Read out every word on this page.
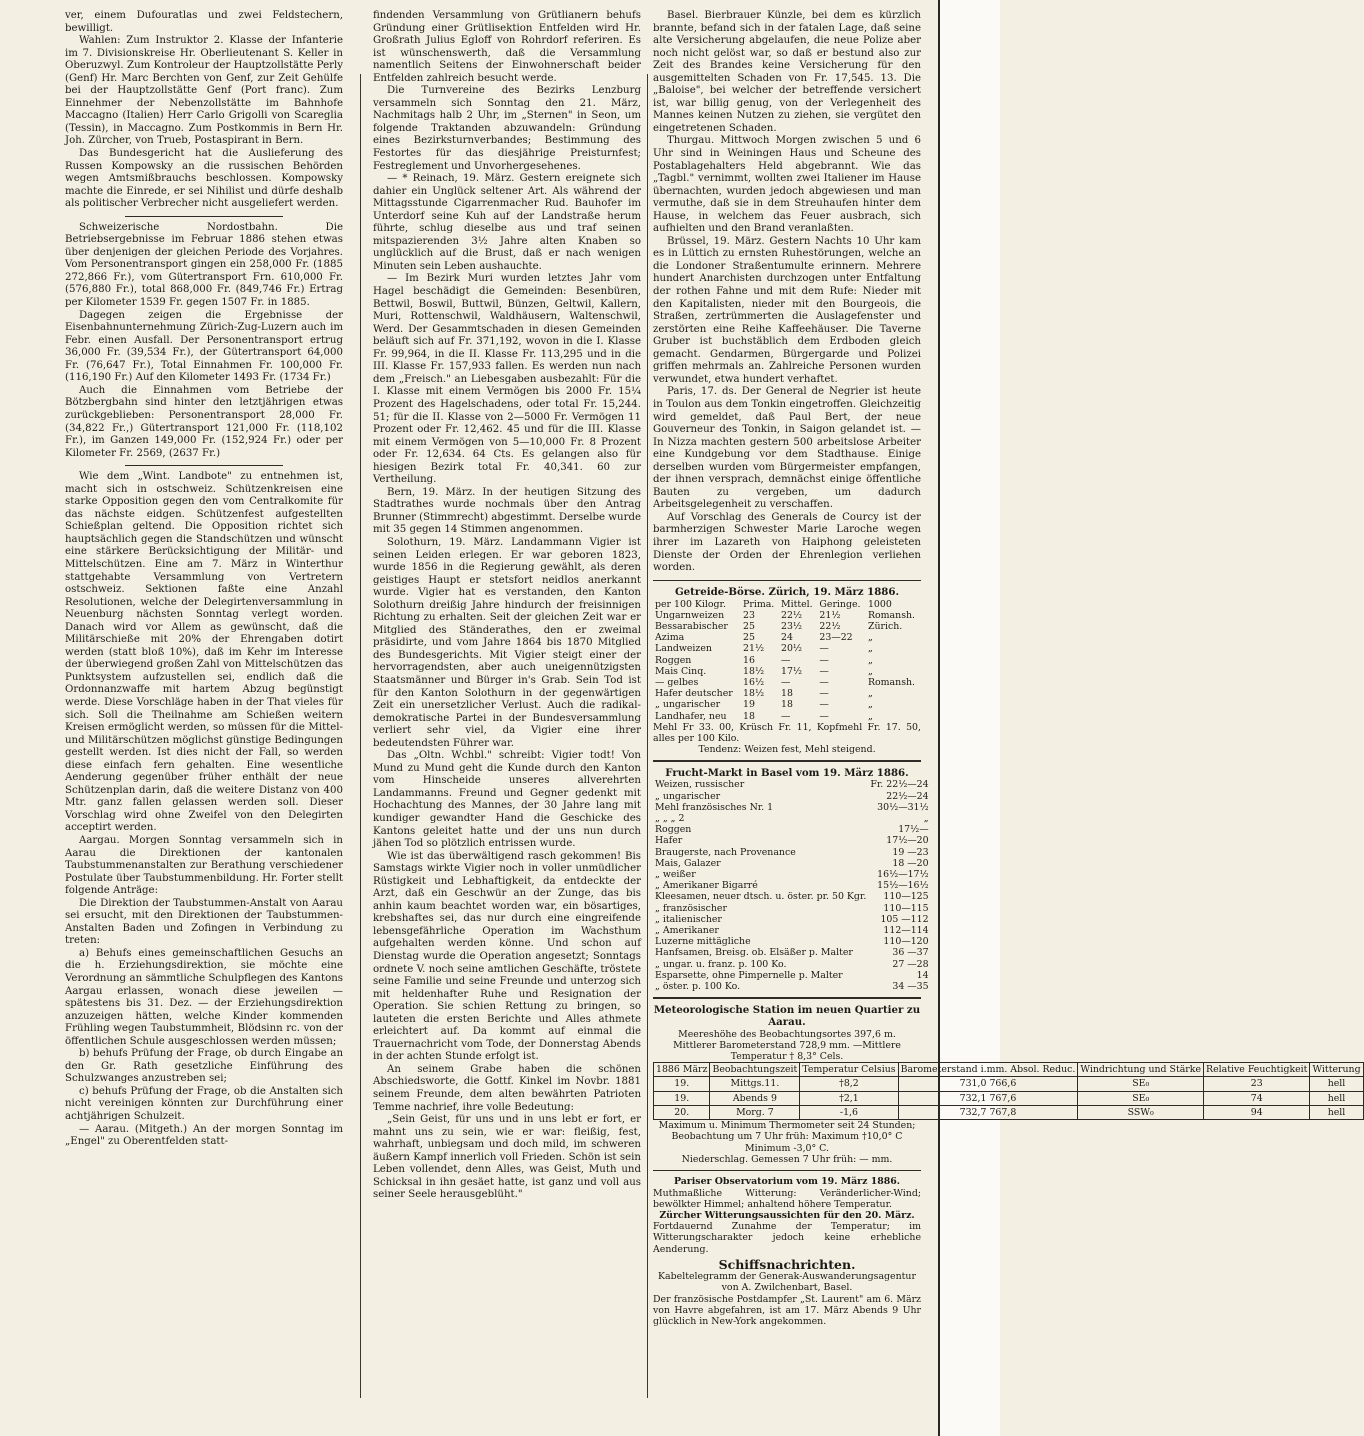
ver, einem Dufouratlas und zwei Feldstechern, bewilligt.

Wahlen: Zum Instruktor 2. Klasse der Infanterie im 7. Divisionskreise Hr. Oberlieutenant S. Keller in Oberuzwyl. Zum Kontroleur der Hauptzollstätte Perly (Genf) Hr. Marc Berchten von Genf, zur Zeit Gehülfe bei der Hauptzollstätte Genf (Port franc). Zum Einnehmer der Nebenzollstätte im Bahnhofe Maccagno (Italien) Herr Carlo Grigolli von Scareglia (Tessin), in Maccagno. Zum Postkommis in Bern Hr. Joh. Zürcher, von Trueb, Postaspirant in Bern.

Das Bundesgericht hat die Auslieferung des Russen Kompowsky an die russischen Behörden wegen Amtsmißbrauchs beschlossen. Kompowsky machte die Einrede, er sei Nihilist und dürfe deshalb als politischer Verbrecher nicht ausgeliefert werden.

Schweizerische Nordostbahn. Die Betriebsergebnisse im Februar 1886 stehen etwas über denjenigen der gleichen Periode des Vorjahres. Vom Personentransport gingen ein 258,000 Fr. (1885 272,866 Fr.), vom Gütertransport Frn. 610,000 Fr. (576,880 Fr.), total 868,000 Fr. (849,746 Fr.) Ertrag per Kilometer 1539 Fr. gegen 1507 Fr. in 1885.

Dagegen zeigen die Ergebnisse der Eisenbahnunternehmung Zürich-Zug-Luzern auch im Febr. einen Ausfall. Der Personentransport ertrug 36,000 Fr. (39,534 Fr.), der Gütertransport 64,000 Fr. (76,647 Fr.), Total Einnahmen Fr. 100,000 Fr. (116,190 Fr.) Auf den Kilometer 1493 Fr. (1734 Fr.)

Auch die Einnahmen vom Betriebe der Bötzbergbahn sind hinter den letztjährigen etwas zurückgeblieben: Personentransport 28,000 Fr. (34,822 Fr.,) Gütertransport 121,000 Fr. (118,102 Fr.), im Ganzen 149,000 Fr. (152,924 Fr.) oder per Kilometer Fr. 2569, (2637 Fr.)

Wie dem „Wint. Landbote" zu entnehmen ist, macht sich in ostschweiz. Schützenkreisen eine starke Opposition gegen den vom Centralkomite für das nächste eidgen. Schützenfest aufgestellten Schießplan geltend. Die Opposition richtet sich hauptsächlich gegen die Standschützen und wünscht eine stärkere Berücksichtigung der Militär- und Mittelschützen. Eine am 7. März in Winterthur stattgehabte Versammlung von Vertretern ostschweiz. Sektionen faßte eine Anzahl Resolutionen, welche der Delegirtenversammlung in Neuenburg nächsten Sonntag verlegt worden. Danach wird vor Allem as gewünscht, daß die Militärschieße mit 20% der Ehrengaben dotirt werden (statt bloß 10%), daß im Kehr im Interesse der überwiegend großen Zahl von Mittelschützen das Punktsystem aufzustellen sei, endlich daß die Ordonnanzwaffe mit hartem Abzug begünstigt werde. Diese Vorschläge haben in der That vieles für sich. Soll die Theilnahme am Schießen weitern Kreisen ermöglicht werden, so müssen für die Mittel- und Militärschützen möglichst günstige Bedingungen gestellt werden. Ist dies nicht der Fall, so werden diese einfach fern gehalten. Eine wesentliche Aenderung gegenüber früher enthält der neue Schützenplan darin, daß die weitere Distanz von 400 Mtr. ganz fallen gelassen werden soll. Dieser Vorschlag wird ohne Zweifel von den Delegirten acceptirt werden.

Aargau. Morgen Sonntag versammeln sich in Aarau die Direktionen der kantonalen Taubstummenanstalten zur Berathung verschiedener Postulate über Taubstummenbildung. Hr. Forter stellt folgende Anträge:

Die Direktion der Taubstummen-Anstalt von Aarau sei ersucht, mit den Direktionen der Taubstummen-Anstalten Baden und Zofingen in Verbindung zu treten:

a) Behufs eines gemeinschaftlichen Gesuchs an die h. Erziehungsdirektion, sie möchte eine Verordnung an sämmtliche Schulpflegen des Kantons Aargau erlassen, wonach diese jeweilen — spätestens bis 31. Dez. — der Erziehungsdirektion anzuzeigen hätten, welche Kinder kommenden Frühling wegen Taubstummheit, Blödsinn rc. von der öffentlichen Schule ausgeschlossen werden müssen;

b) behufs Prüfung der Frage, ob durch Eingabe an den Gr. Rath gesetzliche Einführung des Schulzwanges anzustreben sei;

c) behufs Prüfung der Frage, ob die Anstalten sich nicht vereinigen könnten zur Durchführung einer achtjährigen Schulzeit.

— Aarau. (Mitgeth.) An der morgen Sonntag im „Engel" zu Oberentfelden statt-

findenden Versammlung von Grütlianern behufs Gründung einer Grütlisektion Entfelden wird Hr. Großrath Julius Egloff von Rohrdorf referiren. Es ist wünschenswerth, daß die Versammlung namentlich Seitens der Einwohnerschaft beider Entfelden zahlreich besucht werde.

Die Turnvereine des Bezirks Lenzburg versammeln sich Sonntag den 21. März, Nachmitags halb 2 Uhr, im „Sternen" in Seon, um folgende Traktanden abzuwandeln: Gründung eines Bezirksturnverbandes; Bestimmung des Festortes für das diesjährige Preisturnfest; Festreglement und Unvorhergesehenes.

— * Reinach, 19. März. Gestern ereignete sich dahier ein Unglück seltener Art. Als während der Mittagsstunde Cigarrenmacher Rud. Bauhofer im Unterdorf seine Kuh auf der Landstraße herum führte, schlug dieselbe aus und traf seinen mitspazierenden 3½ Jahre alten Knaben so unglücklich auf die Brust, daß er nach wenigen Minuten sein Leben aushauchte.

— Im Bezirk Muri wurden letztes Jahr vom Hagel beschädigt die Gemeinden: Besenbüren, Bettwil, Boswil, Buttwil, Bünzen, Geltwil, Kallern, Muri, Rottenschwil, Waldhäusern, Waltenschwil, Werd. Der Gesammtschaden in diesen Gemeinden beläuft sich auf Fr. 371,192, wovon in die I. Klasse Fr. 99,964, in die II. Klasse Fr. 113,295 und in die III. Klasse Fr. 157,933 fallen. Es werden nun nach dem „Freisch." an Liebesgaben ausbezahlt: Für die I. Klasse mit einem Vermögen bis 2000 Fr. 15¼ Prozent des Hagelschadens, oder total Fr. 15,244. 51; für die II. Klasse von 2—5000 Fr. Vermögen 11 Prozent oder Fr. 12,462. 45 und für die III. Klasse mit einem Vermögen von 5—10,000 Fr. 8 Prozent oder Fr. 12,634. 64 Cts. Es gelangen also für hiesigen Bezirk total Fr. 40,341. 60 zur Vertheilung.

Bern, 19. März. In der heutigen Sitzung des Stadtrathes wurde nochmals über den Antrag Brunner (Stimmrecht) abgestimmt. Derselbe wurde mit 35 gegen 14 Stimmen angenommen.

Solothurn, 19. März. Landammann Vigier ist seinen Leiden erlegen. Er war geboren 1823, wurde 1856 in die Regierung gewählt, als deren geistiges Haupt er stetsfort neidlos anerkannt wurde. Vigier hat es verstanden, den Kanton Solothurn dreißig Jahre hindurch der freisinnigen Richtung zu erhalten. Seit der gleichen Zeit war er Mitglied des Ständerathes, den er zweimal präsidirte, und vom Jahre 1864 bis 1870 Mitglied des Bundesgerichts. Mit Vigier steigt einer der hervorragendsten, aber auch uneigennützigsten Staatsmänner und Bürger in's Grab. Sein Tod ist für den Kanton Solothurn in der gegenwärtigen Zeit ein unersetzlicher Verlust. Auch die radikal-demokratische Partei in der Bundesversammlung verliert sehr viel, da Vigier eine ihrer bedeutendsten Führer war.

Das „Oltn. Wchbl." schreibt: Vigier todt! Von Mund zu Mund geht die Kunde durch den Kanton vom Hinscheide unseres allverehrten Landammanns. Freund und Gegner gedenkt mit Hochachtung des Mannes, der 30 Jahre lang mit kundiger gewandter Hand die Geschicke des Kantons geleitet hatte und der uns nun durch jähen Tod so plötzlich entrissen wurde.

Wie ist das überwältigend rasch gekommen! Bis Samstags wirkte Vigier noch in voller unmüdlicher Rüstigkeit und Lebhaftigkeit, da entdeckte der Arzt, daß ein Geschwür an der Zunge, das bis anhin kaum beachtet worden war, ein bösartiges, krebshaftes sei, das nur durch eine eingreifende lebensgefährliche Operation im Wachsthum aufgehalten werden könne. Und schon auf Dienstag wurde die Operation angesetzt; Sonntags ordnete V. noch seine amtlichen Geschäfte, tröstete seine Familie und seine Freunde und unterzog sich mit heldenhafter Ruhe und Resignation der Operation. Sie schien Rettung zu bringen, so lauteten die ersten Berichte und Alles athmete erleichtert auf. Da kommt auf einmal die Trauernachricht vom Tode, der Donnerstag Abends in der achten Stunde erfolgt ist.

An seinem Grabe haben die schönen Abschiedsworte, die Gottf. Kinkel im Novbr. 1881 seinem Freunde, dem alten bewährten Patrioten Temme nachrief, ihre volle Bedeutung:

„Sein Geist, für uns und in uns lebt er fort, er mahnt uns zu sein, wie er war: fleißig, fest, wahrhaft, unbiegsam und doch mild, im schweren äußern Kampf innerlich voll Frieden. Schön ist sein Leben vollendet, denn Alles, was Geist, Muth und Schicksal in ihn gesäet hatte, ist ganz und voll aus seiner Seele herausgeblüht."

Basel. Bierbrauer Künzle, bei dem es kürzlich brannte, befand sich in der fatalen Lage, daß seine alte Versicherung abgelaufen, die neue Polize aber noch nicht gelöst war, so daß er bestund also zur Zeit des Brandes keine Versicherung für den ausgemittelten Schaden von Fr. 17,545. 13. Die „Baloise", bei welcher der betreffende versichert ist, war billig genug, von der Verlegenheit des Mannes keinen Nutzen zu ziehen, sie vergütet den eingetretenen Schaden.

Thurgau. Mittwoch Morgen zwischen 5 und 6 Uhr sind in Weiningen Haus und Scheune des Postablagehalters Held abgebrannt. Wie das „Tagbl." vernimmt, wollten zwei Italiener im Hause übernachten, wurden jedoch abgewiesen und man vermuthe, daß sie in dem Streuhaufen hinter dem Hause, in welchem das Feuer ausbrach, sich aufhielten und den Brand veranlaßten.

Brüssel, 19. März. Gestern Nachts 10 Uhr kam es in Lüttich zu ernsten Ruhestörungen, welche an die Londoner Straßentumulte erinnern. Mehrere hundert Anarchisten durchzogen unter Entfaltung der rothen Fahne und mit dem Rufe: Nieder mit den Kapitalisten, nieder mit den Bourgeois, die Straßen, zertrümmerten die Auslagefenster und zerstörten eine Reihe Kaffeehäuser. Die Taverne Gruber ist buchstäblich dem Erdboden gleich gemacht. Gendarmen, Bürgergarde und Polizei griffen mehrmals an. Zahlreiche Personen wurden verwundet, etwa hundert verhaftet.

Paris, 17. ds. Der General de Negrier ist heute in Toulon aus dem Tonkin eingetroffen. Gleichzeitig wird gemeldet, daß Paul Bert, der neue Gouverneur des Tonkin, in Saigon gelandet ist. — In Nizza machten gestern 500 arbeitslose Arbeiter eine Kundgebung vor dem Stadthause. Einige derselben wurden vom Bürgermeister empfangen, der ihnen versprach, demnächst einige öffentliche Bauten zu vergeben, um dadurch Arbeitsgelegenheit zu verschaffen.

Auf Vorschlag des Generals de Courcy ist der barmherzigen Schwester Marie Laroche wegen ihrer im Lazareth von Haiphong geleisteten Dienste der Orden der Ehrenlegion verliehen worden.

Getreide-Börse. Zürich, 19. März 1886.
per 100 Kilogr.	Prima.	Mittel.	Geringe.	1000
Ungarnweizen	23	22½	21½	Romansh.
Bessarabischer	25	23½	22½	Zürich.
Azima	25	24	23—22	„
Landweizen	21½	20½	—	„
Roggen	16	—	—	„
Mais Cinq.	18½	17½	—	„
— gelbes	16½	—	—	Romansh.
Hafer deutscher	18½	18	—	„
„ ungarischer	19	18	—	„
Landhafer, neu	18	—	—	„
Mehl Fr 33. 00, Krüsch Fr. 11, Kopfmehl Fr. 17. 50, alles per 100 Kilo.
Tendenz: Weizen fest, Mehl steigend.
Frucht-Markt in Basel vom 19. März 1886.
Weizen, russischer	Fr. 22½—24
„ ungarischer	22½—24
Mehl französisches Nr. 1	30½—31½
„ „ „ 2	„
Roggen	17½—
Hafer	17½—20
Braugerste, nach Provenance	19 —23
Mais, Galazer	18 —20
„ weißer	16½—17½
„ Amerikaner Bigarré	15½—16½
Kleesamen, neuer dtsch. u. öster. pr. 50 Kgr.	110—125
„ französischer	110—115
„ italienischer	105 —112
„ Amerikaner	112—114
Luzerne mittägliche	110—120
Hanfsamen, Breisg. ob. Elsäßer p. Malter	36 —37
„ ungar. u. franz. p. 100 Ko.	27 —28
Esparsette, ohne Pimpernelle p. Malter	14
„ öster. p. 100 Ko.	34 —35
Meteorologische Station im neuen Quartier zu Aarau.
Meereshöhe des Beobachtungsortes 397,6 m.
Mittlerer Barometerstand 728,9 mm. —Mittlere Temperatur † 8,3° Cels.
1886 März	Beobachtungszeit	Temperatur Celsius	Barometerstand i.mm. Absol. Reduc.	Windrichtung und Stärke	Relative Feuchtigkeit	Witterung
19.	Mittgs.11.	†8,2	731,0 766,6	SE₀	23	hell
19.	Abends 9	†2,1	732,1 767,6	SE₀	74	hell
20.	Morg. 7	-1,6	732,7 767,8	SSW₀	94	hell
Maximum u. Minimum Thermometer seit 24 Stunden;
Beobachtung um 7 Uhr früh: Maximum †10,0° C
Minimum -3,0° C.
Niederschlag. Gemessen 7 Uhr früh: — mm.
Pariser Observatorium vom 19. März 1886.
Muthmaßliche Witterung: Veränderlicher-Wind; bewölkter Himmel; anhaltend höhere Temperatur.
Zürcher Witterungsaussichten für den 20. März.
Fortdauernd Zunahme der Temperatur; im Witterungscharakter jedoch keine erhebliche Aenderung.
Schiffsnachrichten.
Kabeltelegramm der Generak-Auswanderungsagentur von A. Zwilchenbart, Basel.
Der französische Postdampfer „St. Laurent" am 6. März von Havre abgefahren, ist am 17. März Abends 9 Uhr glücklich in New-York angekommen.
